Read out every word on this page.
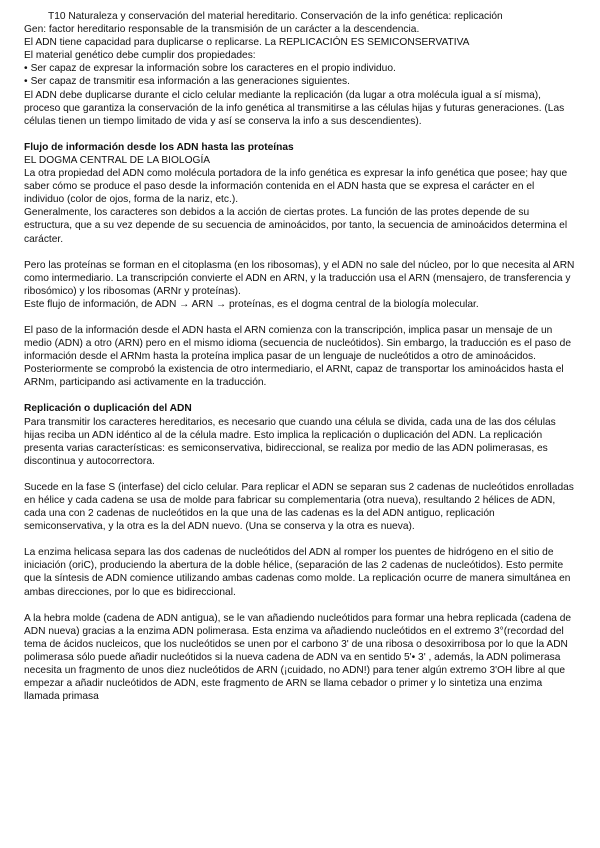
T10 Naturaleza y conservación del material hereditario. Conservación de la info genética: replicación

Gen: factor hereditario responsable de la transmisión de un carácter a la descendencia.

El ADN tiene capacidad para duplicarse o replicarse. La REPLICACIÓN ES SEMICONSERVATIVA

El material genético debe cumplir dos propiedades:

• Ser capaz de expresar la información sobre los caracteres en el propio individuo.

• Ser capaz de transmitir esa información a las generaciones siguientes.

El ADN debe duplicarse durante el ciclo celular mediante la replicación (da lugar a otra molécula igual a sí misma), proceso que garantiza la conservación de la info genética al transmitirse a las células hijas y futuras generaciones. (Las células tienen un tiempo limitado de vida y así se conserva la info a sus descendientes).

Flujo de información desde los ADN hasta las proteínas

EL DOGMA CENTRAL DE LA BIOLOGÍA

La otra propiedad del ADN como molécula portadora de la info genética es expresar la info genética que posee; hay que saber cómo se produce el paso desde la información contenida en el ADN hasta que se expresa el carácter en el individuo (color de ojos, forma de la nariz, etc.).

Generalmente, los caracteres son debidos a la acción de ciertas protes. La función de las protes depende de su estructura, que a su vez depende de su secuencia de aminoácidos, por tanto, la secuencia de aminoácidos determina el carácter.

Pero las proteínas se forman en el citoplasma (en los ribosomas), y el ADN no sale del núcleo, por lo que necesita al ARN como intermediario. La transcripción convierte el ADN en ARN, y la traducción usa el ARN (mensajero, de transferencia y ribosómico) y los ribosomas (ARNr y proteínas).

Este flujo de información, de ADN → ARN → proteínas, es el dogma central de la biología molecular.

El paso de la información desde el ADN hasta el ARN comienza con la transcripción, implica pasar un mensaje de un medio (ADN) a otro (ARN) pero en el mismo idioma (secuencia de nucleótidos). Sin embargo, la traducción es el paso de información desde el ARNm hasta la proteína implica pasar de un lenguaje de nucleótidos a otro de aminoácidos. Posteriormente se comprobó la existencia de otro intermediario, el ARNt, capaz de transportar los aminoácidos hasta el ARNm, participando asi activamente en la traducción.

Replicación o duplicación del ADN

Para transmitir los caracteres hereditarios, es necesario que cuando una célula se divida, cada una de las dos células hijas reciba un ADN idéntico al de la célula madre. Esto implica la replicación o duplicación del ADN. La replicación presenta varias características: es semiconservativa, bidireccional, se realiza por medio de las ADN polimerasas, es discontinua y autocorrectora.

Sucede en la fase S (interfase) del ciclo celular. Para replicar el ADN se separan sus 2 cadenas de nucleótidos enrolladas en hélice y cada cadena se usa de molde para fabricar su complementaria (otra nueva), resultando 2 hélices de ADN, cada una con 2 cadenas de nucleótidos en la que una de las cadenas es la del ADN antiguo, replicación semiconservativa, y la otra es la del ADN nuevo. (Una se conserva y la otra es nueva).

La enzima helicasa separa las dos cadenas de nucleótidos del ADN al romper los puentes de hidrógeno en el sitio de iniciación (oriC), produciendo la abertura de la doble hélice, (separación de las 2 cadenas de nucleótidos). Esto permite que la síntesis de ADN comience utilizando ambas cadenas como molde. La replicación ocurre de manera simultánea en ambas direcciones, por lo que es bidireccional.

A la hebra molde (cadena de ADN antigua), se le van añadiendo nucleótidos para formar una hebra replicada (cadena de ADN nueva) gracias a la enzima ADN polimerasa. Esta enzima va añadiendo nucleótidos en el extremo 3°(recordad del tema de ácidos nucleicos, que los nucleótidos se unen por el carbono 3' de una ribosa o desoxirribosa por lo que la ADN polimerasa sólo puede añadir nucleótidos si la nueva cadena de ADN va en sentido 5'• 3' , además, la ADN polimerasa necesita un fragmento de unos diez nucleótidos de ARN (¡cuidado, no ADN!) para tener algún extremo 3'OH libre al que empezar a añadir nucleótidos de ADN, este fragmento de ARN se llama cebador o primer y lo sintetiza una enzima llamada primasa
